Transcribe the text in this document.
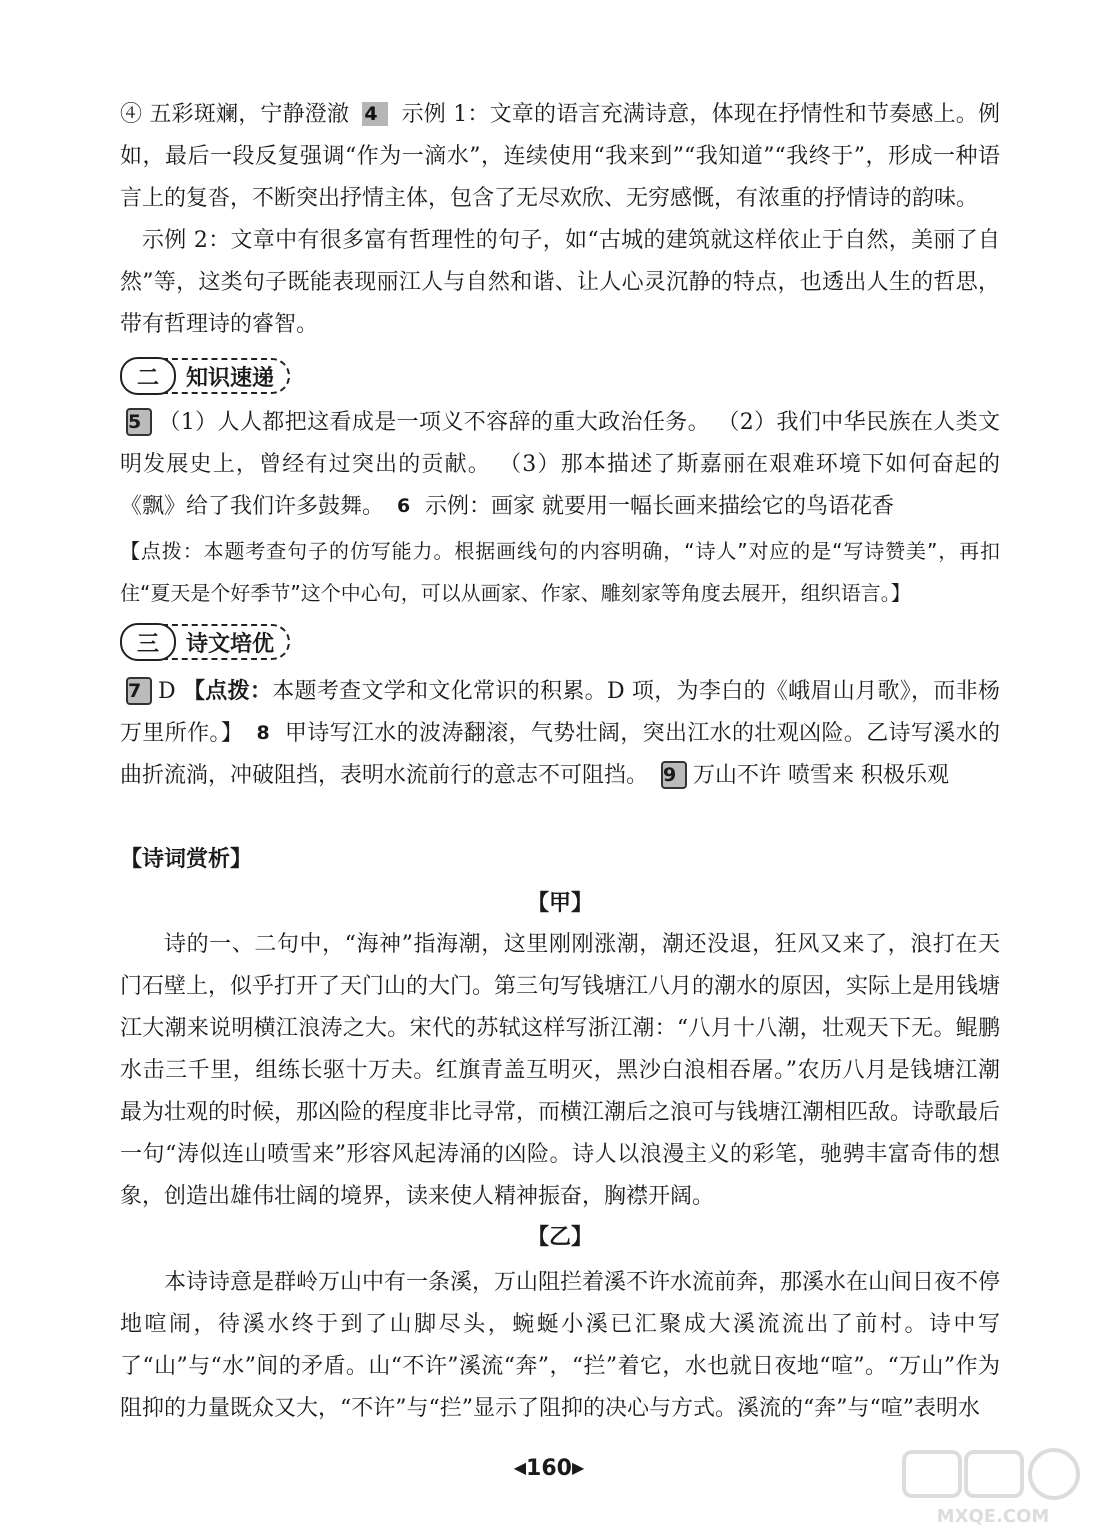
④ 五彩斑斓，宁静澄澈 4 示例 1：文章的语言充满诗意，体现在抒情性和节奏感上。例如，最后一段反复强调“作为一滴水”，连续使用“我来到”“我知道”“我终于”，形成一种语言上的复沓，不断突出抒情主体，包含了无尽欢欣、无穷感慨，有浓重的抒情诗的韵味。
示例 2：文章中有很多富有哲理性的句子，如“古城的建筑就这样依止于自然，美丽了自然”等，这类句子既能表现丽江人与自然和谐、让人心灵沉静的特点，也透出人生的哲思，带有哲理诗的睿智。
二	知识速递
5 （1）人人都把这看成是一项义不容辞的重大政治任务。 （2）我们中华民族在人类文明发展史上，曾经有过突出的贡献。 （3）那本描述了斯嘉丽在艰难环境下如何奋起的《飘》给了我们许多鼓舞。 6 示例：画家 就要用一幅长画来描绘它的鸟语花香
【点拨：本题考查句子的仿写能力。根据画线句的内容明确，“诗人”对应的是“写诗赞美”，再扣住“夏天是个好季节”这个中心句，可以从画家、作家、雕刻家等角度去展开，组织语言。】
三	诗文培优
7 D 【点拨：本题考查文学和文化常识的积累。D 项，为李白的《峨眉山月歌》，而非杨万里所作。】 8 甲诗写江水的波涛翻滚，气势壮阔，突出江水的壮观凶险。乙诗写溪水的曲折流淌，冲破阻挡，表明水流前行的意志不可阻挡。 9 万山不许 喷雪来 积极乐观
【诗词赏析】
【甲】
诗的一、二句中，“海神”指海潮，这里刚刚涨潮，潮还没退，狂风又来了，浪打在天门石壁上，似乎打开了天门山的大门。第三句写钱塘江八月的潮水的原因，实际上是用钱塘江大潮来说明横江浪涛之大。宋代的苏轼这样写浙江潮：“八月十八潮，壮观天下无。鲲鹏水击三千里，组练长驱十万夫。红旗青盖互明灭，黑沙白浪相吞屠。”农历八月是钱塘江潮最为壮观的时候，那凶险的程度非比寻常，而横江潮后之浪可与钱塘江潮相匹敌。诗歌最后一句“涛似连山喷雪来”形容风起涛涌的凶险。诗人以浪漫主义的彩笔，驰骋丰富奇伟的想象，创造出雄伟壮阔的境界，读来使人精神振奋，胸襟开阔。
【乙】
本诗诗意是群岭万山中有一条溪，万山阻拦着溪不许水流前奔，那溪水在山间日夜不停地喧闹，待溪水终于到了山脚尽头，蜿蜒小溪已汇聚成大溪流流出了前村。诗中写了“山”与“水”间的矛盾。山“不许”溪流“奔”，“拦”着它，水也就日夜地“喧”。“万山”作为阻抑的力量既众又大，“不许”与“拦”显示了阻抑的决心与方式。溪流的“奔”与“喧”表明水
◀160▶
MXQE.COM
